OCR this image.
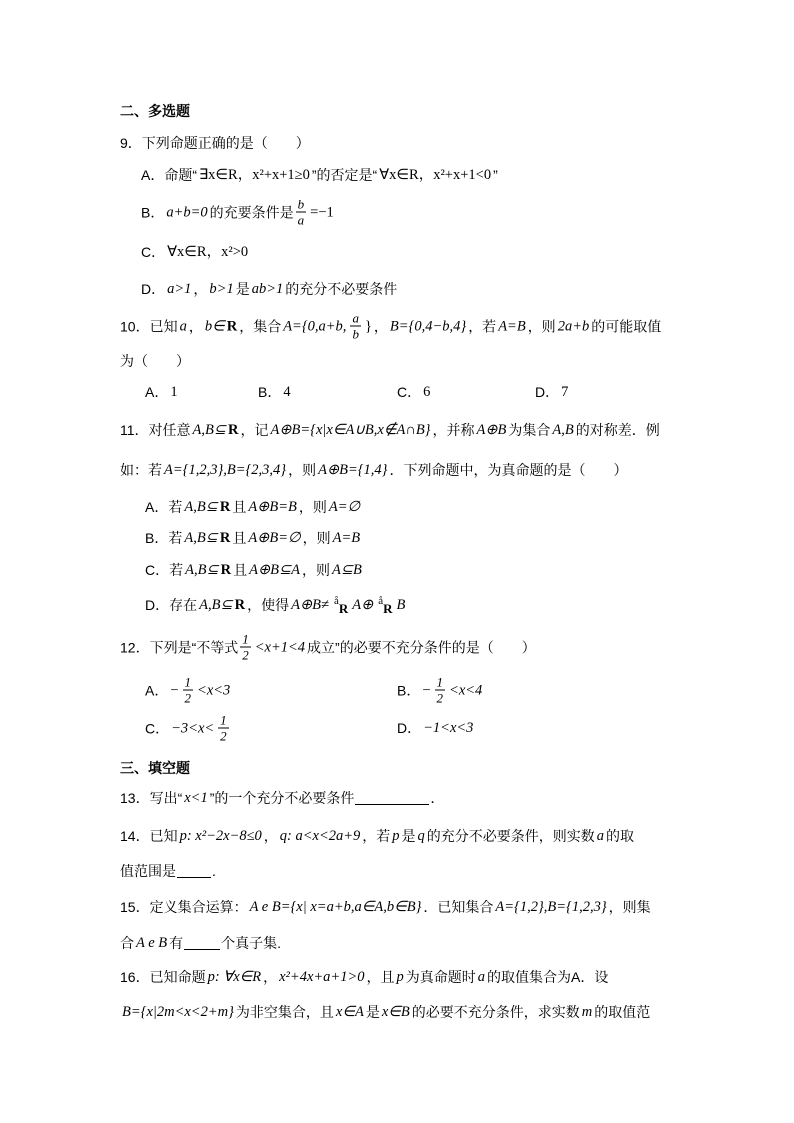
二、多选题
9．下列命题正确的是（　　）
A． 命题“ ∃x∈R，x²+x+1≥0 ”的否定是“ ∀x∈R，x²+x+1<0 ”
B． a+b=0 的充要条件是 $\frac{b}{a} =-1$
C． ∀x∈R，x²>0
D． a>1 ， b>1 是 ab>1 的充分不必要条件
10．已知 a ， b∈ R ，集合 A={0,a+b, $\frac{a}{b}$ } ， B={0,4−b,4} ，若 A=B ，则 2a+b 的可能取值
为（　　）
A． 1	B． 4	C． 6	D． 7
11．对任意 A,B⊆ R ，记 A⊕B={x|x∈A∪B,x∉A∩B} ，并称 A⊕B 为集合 A,B 的对称差．例
如：若 A={1,2,3},B={2,3,4} ，则 A⊕B={1,4} ．下列命题中，为真命题的是（　　）
A． 若 A,B⊆ R 且 A⊕B=B ，则 A=∅
B． 若 A,B⊆ R 且 A⊕B=∅ ，则 A=B
C． 若 A,B⊆ R 且 A⊕B⊆A ，则 A⊆B
D． 存在 A,B⊆ R ，使得 A⊕B≠ å R A⊕ å R B
12．下列是“不等式 $\frac{1}{2} <x+1<4$ 成立”的必要不充分条件的是（　　）
A． − $\frac{1}{2} <x<3$	B． − $\frac{1}{2} <x<4$
C． $-3<x< \frac{1}{2}$	D． −1<x<3
三、填空题
13．写出“ x<1 ”的一个充分不必要条件	．
14．已知 p: x²−2x−8≤0 ， q: a<x<2a+9 ，若 p 是 q 的充分不必要条件，则实数 a 的取
值范围是	.
15．定义集合运算： A e B={x| x=a+b,a∈A,b∈B} ．已知集合 A={1,2},B={1,2,3} ，则集
合 A e B 有	个真子集.
16．已知命题 p: ∀x∈R ， x²+4x+a+1>0 ，且 p 为真命题时 a 的取值集合为A．设
B={x|2m<x<2+m} 为非空集合，且 x∈A 是 x∈B 的必要不充分条件，求实数 m 的取值范
